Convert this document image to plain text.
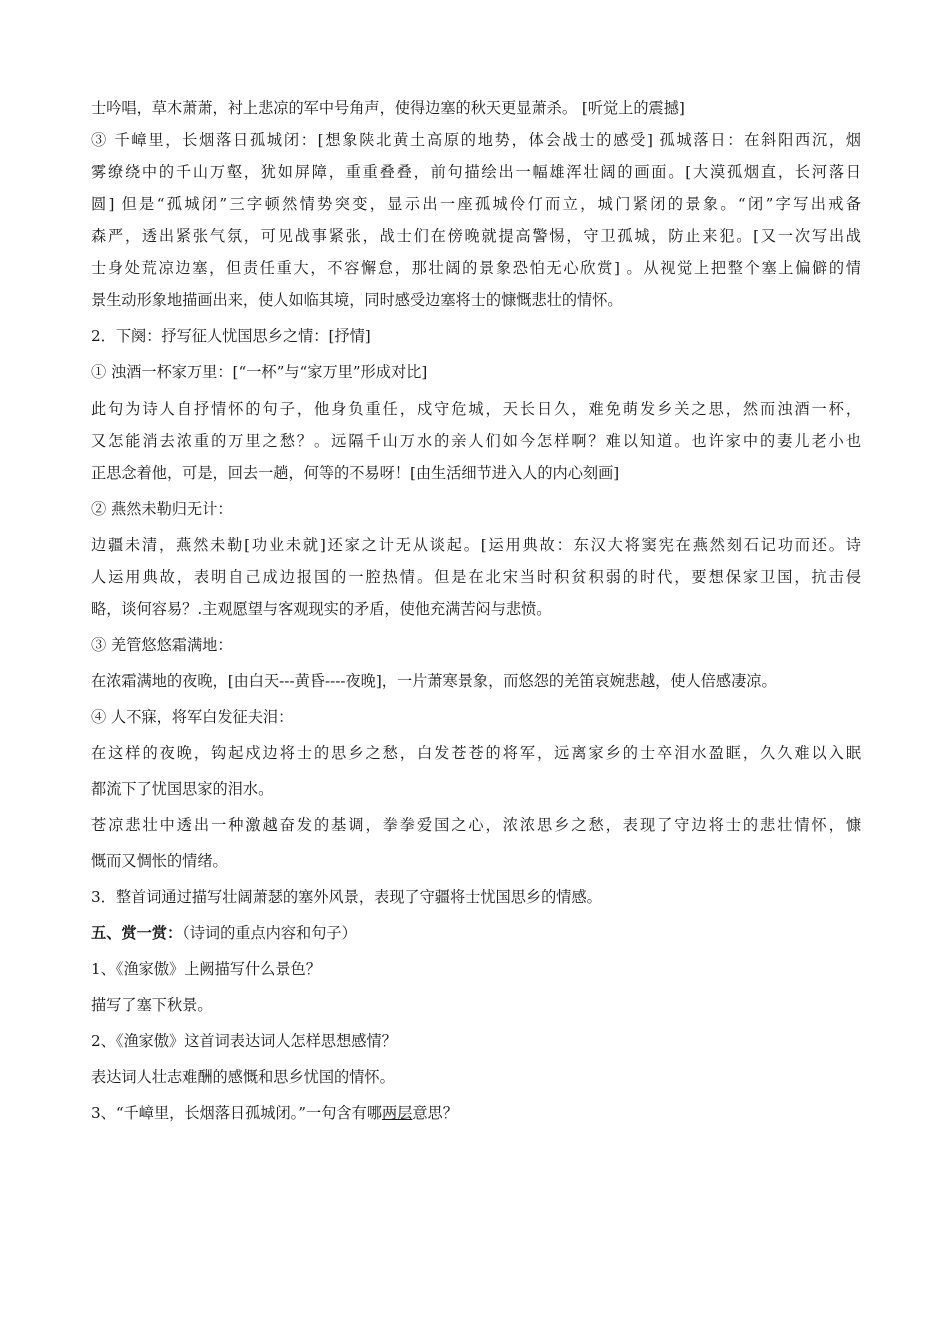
士吟唱，草木萧萧，衬上悲凉的军中号角声，使得边塞的秋天更显萧杀。 [听觉上的震撼]
③ 千嶂里，长烟落日孤城闭：[想象陕北黄土高原的地势，体会战士的感受] 孤城落日：在斜阳西沉，烟
雾缭绕中的千山万壑，犹如屏障，重重叠叠，前句描绘出一幅雄浑壮阔的画面。[大漠孤烟直，长河落日
圆] 但是“孤城闭”三字顿然情势突变，显示出一座孤城伶仃而立，城门紧闭的景象。“闭”字写出戒备
森严，透出紧张气氛，可见战事紧张，战士们在傍晚就提高警惕，守卫孤城，防止来犯。[又一次写出战
士身处荒凉边塞，但责任重大，不容懈怠，那壮阔的景象恐怕无心欣赏] 。从视觉上把整个塞上偏僻的情
景生动形象地描画出来，使人如临其境，同时感受边塞将士的慷慨悲壮的情怀。
2．下阕：抒写征人忧国思乡之情：[抒情]
① 浊酒一杯家万里：[“一杯”与“家万里”形成对比]
此句为诗人自抒情怀的句子，他身负重任，戍守危城，天长日久，难免萌发乡关之思，然而浊酒一杯，
又怎能消去浓重的万里之愁？。远隔千山万水的亲人们如今怎样啊？难以知道。也许家中的妻儿老小也
正思念着他，可是，回去一趟，何等的不易呀！[由生活细节进入人的内心刻画]
② 燕然未勒归无计：
边疆未清，燕然未勒[功业未就]还家之计无从谈起。[运用典故：东汉大将窦宪在燕然刻石记功而还。诗
人运用典故，表明自己成边报国的一腔热情。但是在北宋当时积贫积弱的时代，要想保家卫国，抗击侵
略，谈何容易？.主观愿望与客观现实的矛盾，使他充满苦闷与悲愤。
③ 羌管悠悠霜满地：
在浓霜满地的夜晚，[由白天---黄昏----夜晚]，一片萧寒景象，而悠怨的羌笛哀婉悲越，使人倍感凄凉。
④ 人不寐，将军白发征夫泪：
在这样的夜晚，钩起戍边将士的思乡之愁，白发苍苍的将军，远离家乡的士卒泪水盈眶，久久难以入眠
都流下了忧国思家的泪水。
苍凉悲壮中透出一种激越奋发的基调，拳拳爱国之心，浓浓思乡之愁，表现了守边将士的悲壮情怀，慷
慨而又惆怅的情绪。
3．整首词通过描写壮阔萧瑟的塞外风景，表现了守疆将士忧国思乡的情感。
五、赏一赏：（诗词的重点内容和句子）
1、《渔家傲》上阙描写什么景色？
描写了塞下秋景。
2、《渔家傲》这首词表达词人怎样思想感情？
表达词人壮志难酬的感慨和思乡忧国的情怀。
3、“千嶂里，长烟落日孤城闭。”一句含有哪两层意思？
